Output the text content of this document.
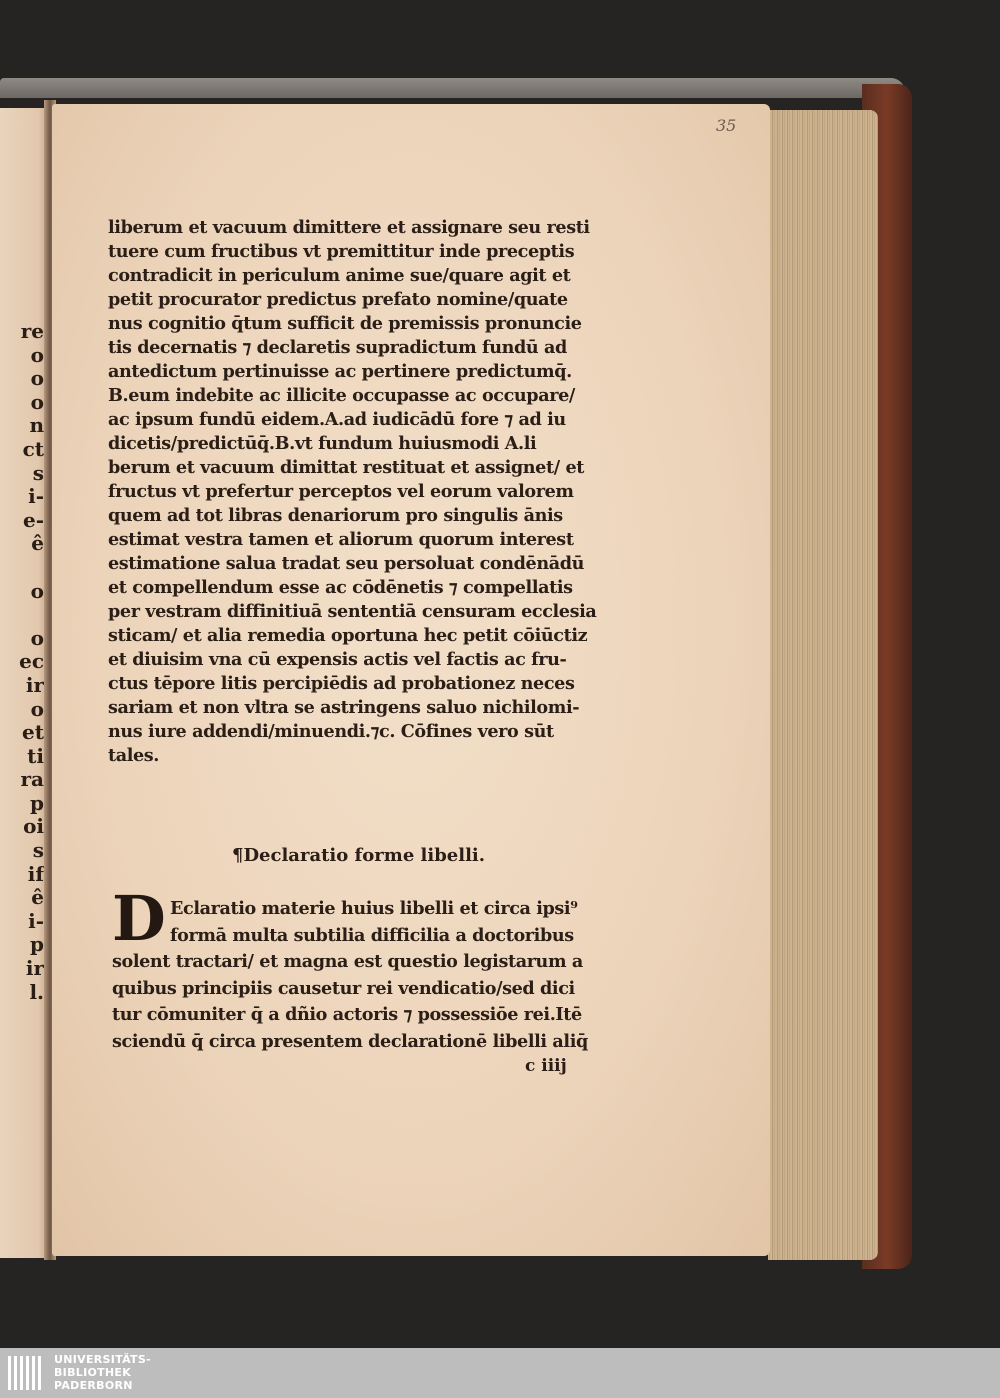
re
o
o
o
n
ct
s
i-
e-
ê
o
o
ec
ir
o
et
ti
ra
p
oi
s
if
ê
i-
p
ir
l.
35
liberum et vacuum dimittere et assignare seu resti
tuere cum fructibus vt premittitur inde preceptis
contradicit in periculum anime sue/quare agit et
petit procurator predictus prefato nomine/quate
nus cognitio q̄tum sufficit de premissis pronuncie
tis decernatis ⁊ declaretis supradictum fundū ad
antedictum pertinuisse ac pertinere predictumq̄.
B.eum indebite ac illicite occupasse ac occupare/
ac ipsum fundū eidem.A.ad iudicādū fore ⁊ ad iu
dicetis/predictūq̄.B.vt fundum huiusmodi A.li
berum et vacuum dimittat restituat et assignet/ et
fructus vt prefertur perceptos vel eorum valorem
quem ad tot libras denariorum pro singulis ānis
estimat vestra tamen et aliorum quorum interest
estimatione salua tradat seu persoluat condēnādū
et compellendum esse ac cōdēnetis ⁊ compellatis
per vestram diffinitiuā sententiā censuram ecclesia
sticam/ et alia remedia oportuna hec petit cōiūctiz
et diuisim vna cū expensis actis vel factis ac fru-
ctus tēpore litis percipiēdis ad probationez neces
sariam et non vltra se astringens saluo nichilomi-
nus iure addendi/minuendi.⁊c. Cōfines vero sūt
tales.
¶Declaratio forme libelli.
D Eclaratio materie huius libelli et circa ipsi⁹
formā multa subtilia difficilia a doctoribus
solent tractari/ et magna est questio legistarum a
quibus principiis causetur rei vendicatio/sed dici
tur cōmuniter q̄ a dñio actoris ⁊ possessiōe rei.Itē
sciendū q̄ circa presentem declarationē libelli aliq̄
c iiij
UNIVERSITÄTS-
BIBLIOTHEK
PADERBORN
